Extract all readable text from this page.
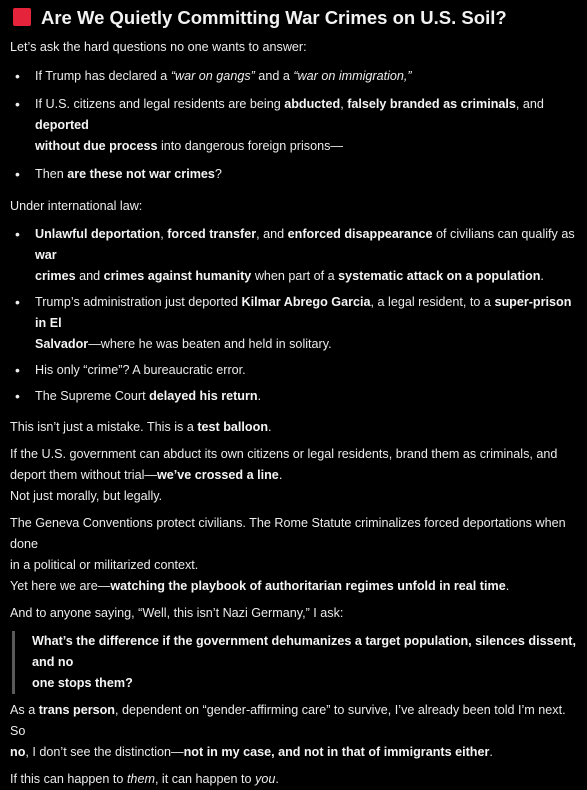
Are We Quietly Committing War Crimes on U.S. Soil?

Let’s ask the hard questions no one wants to answer:

• If Trump has declared a “war on gangs” and a “war on immigration,”
• If U.S. citizens and legal residents are being abducted, falsely branded as criminals, and deported
without due process into dangerous foreign prisons—
• Then are these not war crimes?

Under international law:

• Unlawful deportation, forced transfer, and enforced disappearance of civilians can qualify as war
crimes and crimes against humanity when part of a systematic attack on a population.
• Trump’s administration just deported Kilmar Abrego Garcia, a legal resident, to a super-prison in El
Salvador—where he was beaten and held in solitary.
• His only “crime”? A bureaucratic error.
• The Supreme Court delayed his return.

This isn’t just a mistake. This is a test balloon.

If the U.S. government can abduct its own citizens or legal residents, brand them as criminals, and
deport them without trial—we’ve crossed a line.
Not just morally, but legally.

The Geneva Conventions protect civilians. The Rome Statute criminalizes forced deportations when done
in a political or militarized context.
Yet here we are—watching the playbook of authoritarian regimes unfold in real time.

And to anyone saying, “Well, this isn’t Nazi Germany,” I ask:

What’s the difference if the government dehumanizes a target population, silences dissent, and no
one stops them?

As a trans person, dependent on “gender-affirming care” to survive, I’ve already been told I’m next. So
no, I don’t see the distinction—not in my case, and not in that of immigrants either.

If this can happen to them, it can happen to you.
